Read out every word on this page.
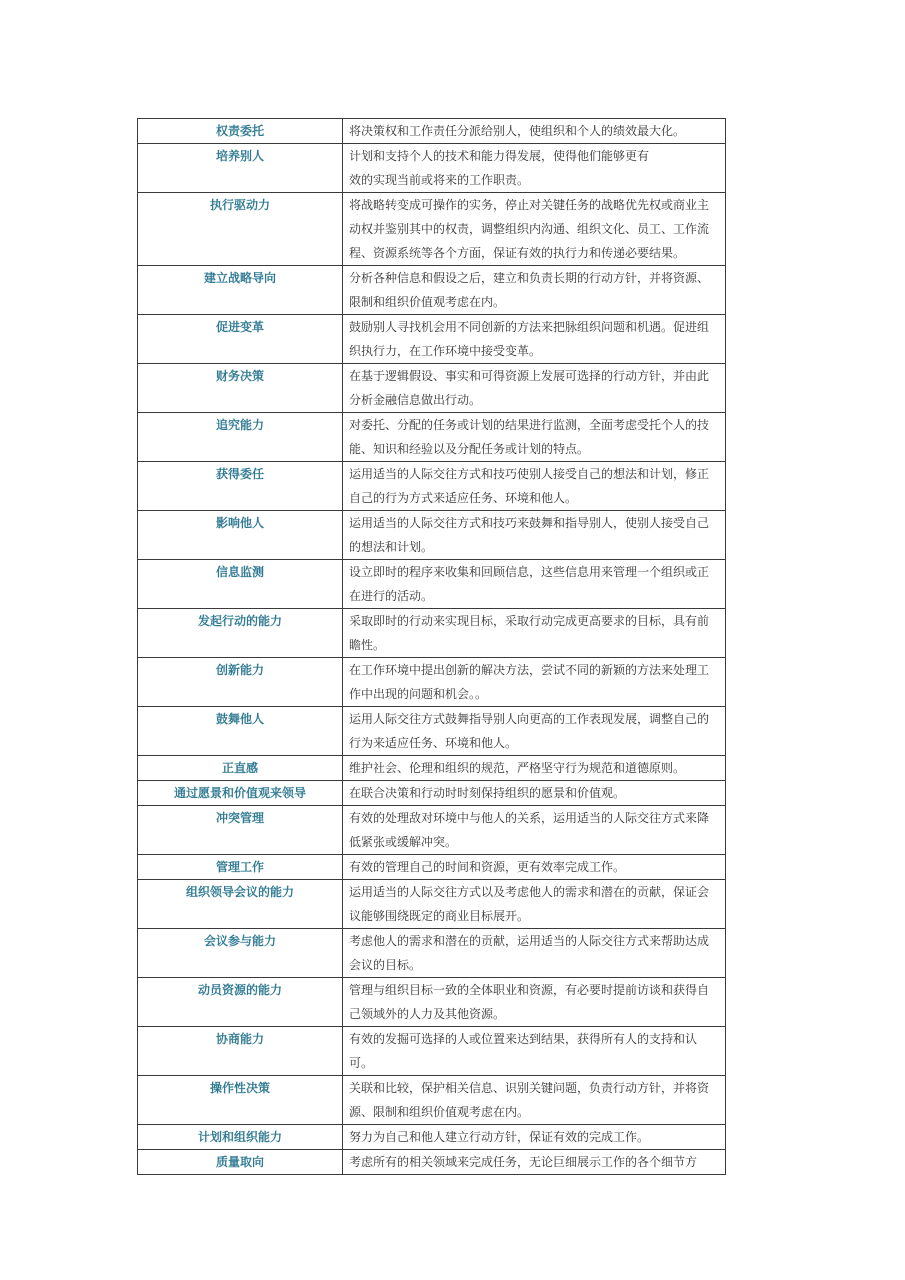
权责委托	将决策权和工作责任分派给别人，使组织和个人的绩效最大化。

培养别人	计划和支持个人的技术和能力得发展，使得他们能够更有
效的实现当前或将来的工作职责。

执行驱动力	将战略转变成可操作的实务，停止对关键任务的战略优先权或商业主
动权并鉴别其中的权责，调整组织内沟通、组织文化、员工、工作流
程、资源系统等各个方面，保证有效的执行力和传递必要结果。

建立战略导向	分析各种信息和假设之后，建立和负责长期的行动方针，并将资源、
限制和组织价值观考虑在内。

促进变革	鼓励别人寻找机会用不同创新的方法来把脉组织问题和机遇。促进组
织执行力，在工作环境中接受变革。

财务决策	在基于逻辑假设、事实和可得资源上发展可选择的行动方针，并由此
分析金融信息做出行动。

追究能力	对委托、分配的任务或计划的结果进行监测，全面考虑受托个人的技
能、知识和经验以及分配任务或计划的特点。

获得委任	运用适当的人际交往方式和技巧使别人接受自己的想法和计划，修正
自己的行为方式来适应任务、环境和他人。

影响他人	运用适当的人际交往方式和技巧来鼓舞和指导别人，使别人接受自己
的想法和计划。

信息监测	设立即时的程序来收集和回顾信息，这些信息用来管理一个组织或正
在进行的活动。

发起行动的能力	采取即时的行动来实现目标，采取行动完成更高要求的目标，具有前
瞻性。

创新能力	在工作环境中提出创新的解决方法，尝试不同的新颖的方法来处理工
作中出现的问题和机会。。

鼓舞他人	运用人际交往方式鼓舞指导别人向更高的工作表现发展，调整自己的
行为来适应任务、环境和他人。

正直感	维护社会、伦理和组织的规范，严格坚守行为规范和道德原则。

通过愿景和价值观来领导	在联合决策和行动时时刻保持组织的愿景和价值观。

冲突管理	有效的处理敌对环境中与他人的关系，运用适当的人际交往方式来降
低紧张或缓解冲突。

管理工作	有效的管理自己的时间和资源，更有效率完成工作。

组织领导会议的能力	运用适当的人际交往方式以及考虑他人的需求和潜在的贡献，保证会
议能够围绕既定的商业目标展开。

会议参与能力	考虑他人的需求和潜在的贡献，运用适当的人际交往方式来帮助达成
会议的目标。

动员资源的能力	管理与组织目标一致的全体职业和资源，有必要时提前访谈和获得自
己领域外的人力及其他资源。

协商能力	有效的发掘可选择的人或位置来达到结果，获得所有人的支持和认
可。

操作性决策	关联和比较，保护相关信息、识别关键问题，负责行动方针，并将资
源、限制和组织价值观考虑在内。

计划和组织能力	努力为自己和他人建立行动方针，保证有效的完成工作。

质量取向	考虑所有的相关领域来完成任务，无论巨细展示工作的各个细节方
